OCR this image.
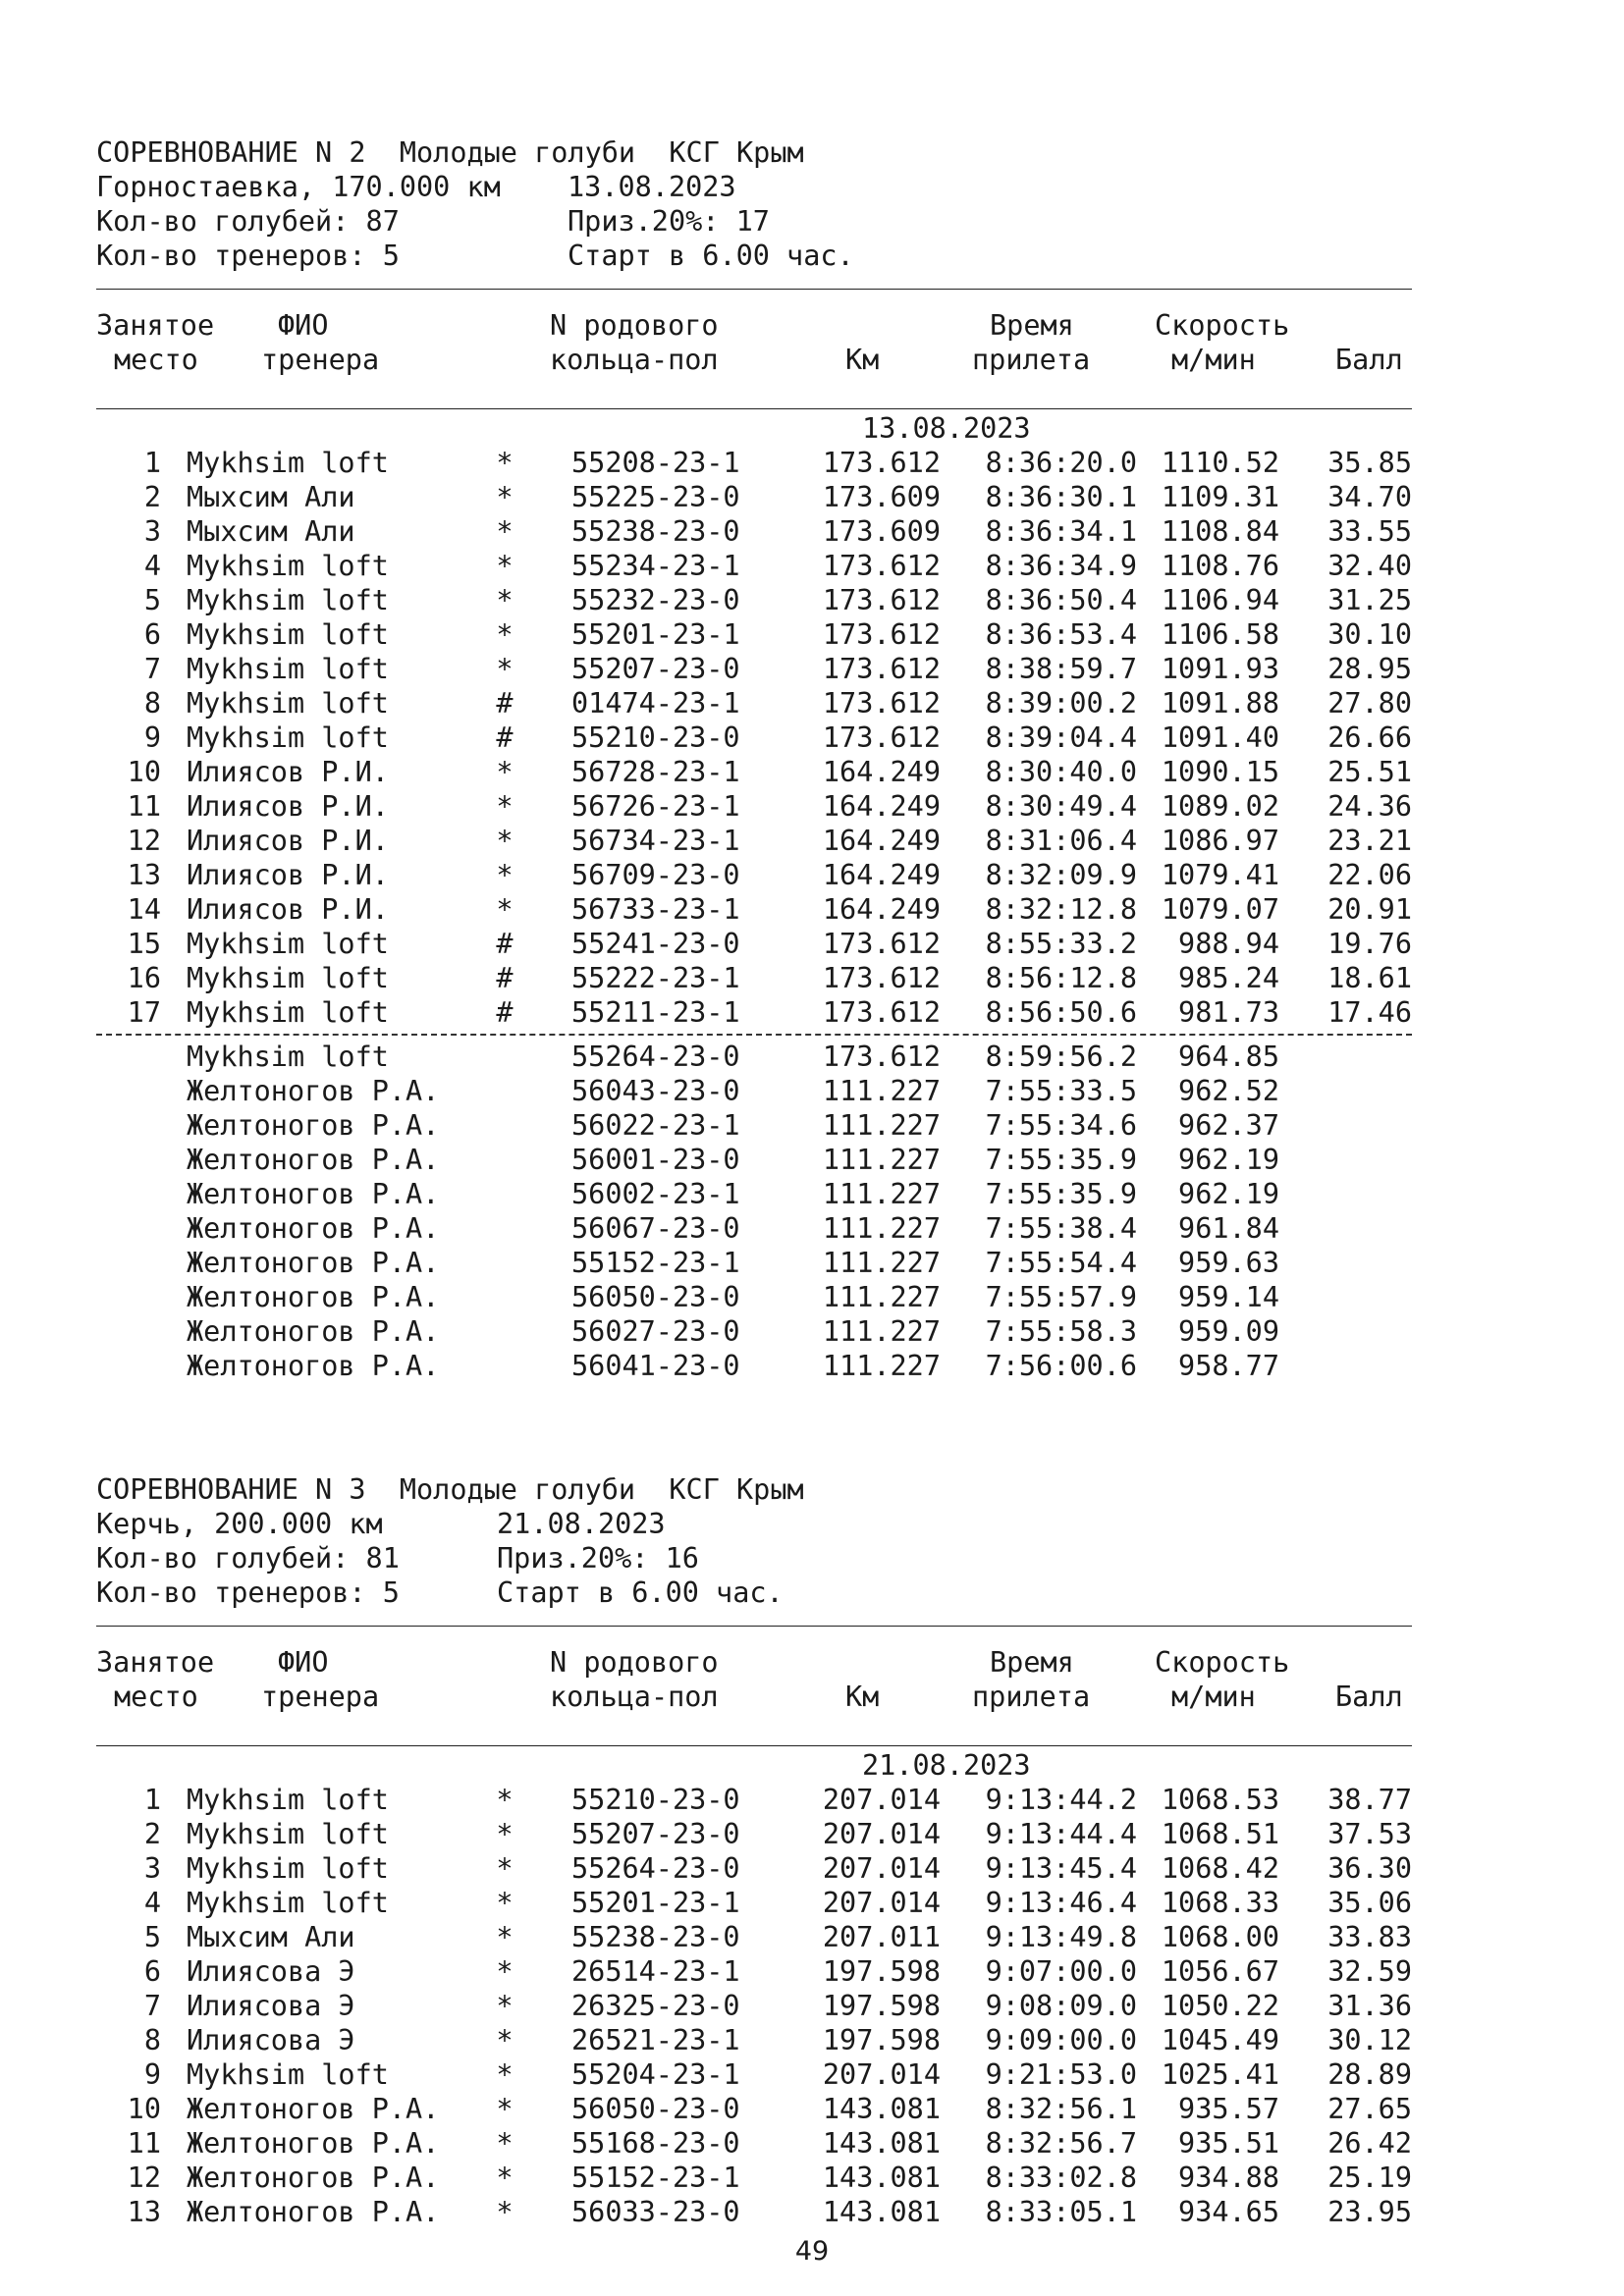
СОРЕВНОВАНИЕ N 2  Молодые голуби  КСГ Крым
Горностаевка, 170.000 км 13.08.2023
Кол-во голубей: 87	Приз.20%: 17
Кол-во тренеров: 5	Старт в 6.00 час.
Занятое
место
ФИО
тренера
N родового
кольца-пол	Км
Время
прилета
Скорость
м/мин	Балл
13.08.2023
1 Mykhsim loft	* 55208-23-1	173.612	8:36:20.0 1110.52	35.85
2 Мыхсим Али	* 55225-23-0	173.609	8:36:30.1 1109.31	34.70
3 Мыхсим Али	* 55238-23-0	173.609	8:36:34.1 1108.84	33.55
4 Mykhsim loft	* 55234-23-1	173.612	8:36:34.9 1108.76	32.40
5 Mykhsim loft	* 55232-23-0	173.612	8:36:50.4 1106.94	31.25
6 Mykhsim loft	* 55201-23-1	173.612	8:36:53.4 1106.58	30.10
7 Mykhsim loft	* 55207-23-0	173.612	8:38:59.7 1091.93	28.95
8 Mykhsim loft	# 01474-23-1	173.612	8:39:00.2 1091.88	27.80
9 Mykhsim loft	# 55210-23-0	173.612	8:39:04.4 1091.40	26.66
10 Илиясов Р.И.	* 56728-23-1	164.249	8:30:40.0 1090.15	25.51
11 Илиясов Р.И.	* 56726-23-1	164.249	8:30:49.4 1089.02	24.36
12 Илиясов Р.И.	* 56734-23-1	164.249	8:31:06.4 1086.97	23.21
13 Илиясов Р.И.	* 56709-23-0	164.249	8:32:09.9 1079.41	22.06
14 Илиясов Р.И.	* 56733-23-1	164.249	8:32:12.8 1079.07	20.91
15 Mykhsim loft	# 55241-23-0	173.612	8:55:33.2	988.94	19.76
16 Mykhsim loft	# 55222-23-1	173.612	8:56:12.8	985.24	18.61
17 Mykhsim loft	# 55211-23-1	173.612	8:56:50.6	981.73	17.46
Mykhsim loft	55264-23-0	173.612	8:59:56.2	964.85
Желтоногов Р.А.	56043-23-0	111.227	7:55:33.5	962.52
Желтоногов Р.А.	56022-23-1	111.227	7:55:34.6	962.37
Желтоногов Р.А.	56001-23-0	111.227	7:55:35.9	962.19
Желтоногов Р.А.	56002-23-1	111.227	7:55:35.9	962.19
Желтоногов Р.А.	56067-23-0	111.227	7:55:38.4	961.84
Желтоногов Р.А.	55152-23-1	111.227	7:55:54.4	959.63
Желтоногов Р.А.	56050-23-0	111.227	7:55:57.9	959.14
Желтоногов Р.А.	56027-23-0	111.227	7:55:58.3	959.09
Желтоногов Р.А.	56041-23-0	111.227	7:56:00.6	958.77
СОРЕВНОВАНИЕ N 3  Молодые голуби  КСГ Крым
Керчь, 200.000 км	21.08.2023
Кол-во голубей: 81	Приз.20%: 16
Кол-во тренеров: 5	Старт в 6.00 час.
Занятое
место
ФИО
тренера
N родового
кольца-пол	Км
Время
прилета
Скорость
м/мин	Балл
21.08.2023
1 Mykhsim loft	* 55210-23-0	207.014	9:13:44.2 1068.53	38.77
2 Mykhsim loft	* 55207-23-0	207.014	9:13:44.4 1068.51	37.53
3 Mykhsim loft	* 55264-23-0	207.014	9:13:45.4 1068.42	36.30
4 Mykhsim loft	* 55201-23-1	207.014	9:13:46.4 1068.33	35.06
5 Мыхсим Али	* 55238-23-0	207.011	9:13:49.8 1068.00	33.83
6 Илиясова Э	* 26514-23-1	197.598	9:07:00.0 1056.67	32.59
7 Илиясова Э	* 26325-23-0	197.598	9:08:09.0 1050.22	31.36
8 Илиясова Э	* 26521-23-1	197.598	9:09:00.0 1045.49	30.12
9 Mykhsim loft	* 55204-23-1	207.014	9:21:53.0 1025.41	28.89
10 Желтоногов Р.А.	* 56050-23-0	143.081	8:32:56.1	935.57	27.65
11 Желтоногов Р.А.	* 55168-23-0	143.081	8:32:56.7	935.51	26.42
12 Желтоногов Р.А.	* 55152-23-1	143.081	8:33:02.8	934.88	25.19
13 Желтоногов Р.А.	* 56033-23-0	143.081	8:33:05.1	934.65	23.95
49
